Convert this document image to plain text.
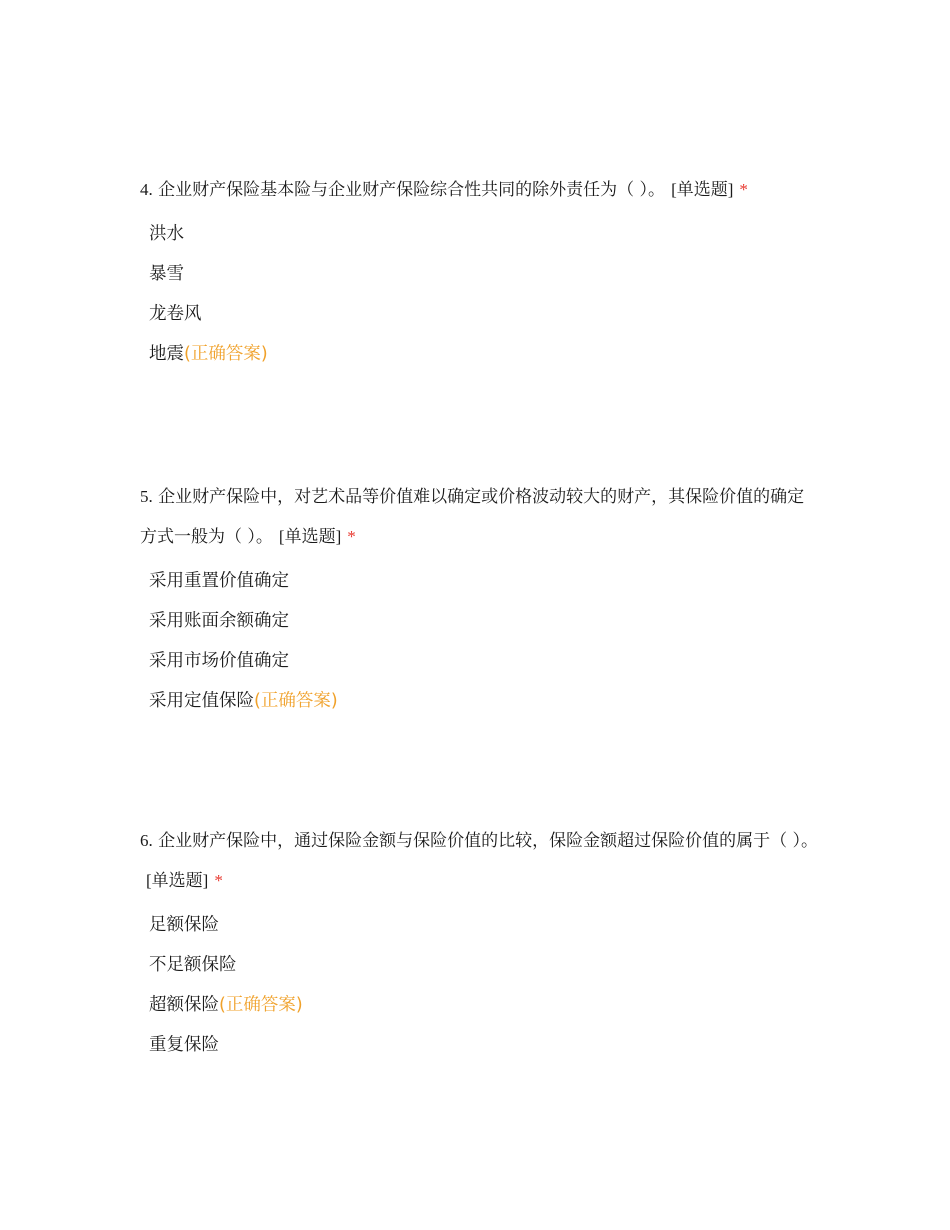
4. 企业财产保险基本险与企业财产保险综合性共同的除外责任为（ ）。 [单选题] *

洪水
暴雪
龙卷风
地震(正确答案)

5. 企业财产保险中，对艺术品等价值难以确定或价格波动较大的财产，其保险价值的确定方式一般为（ ）。 [单选题] *

采用重置价值确定
采用账面余额确定
采用市场价值确定
采用定值保险(正确答案)

6. 企业财产保险中，通过保险金额与保险价值的比较，保险金额超过保险价值的属于（ ）。[单选题] *

足额保险
不足额保险
超额保险(正确答案)
重复保险
